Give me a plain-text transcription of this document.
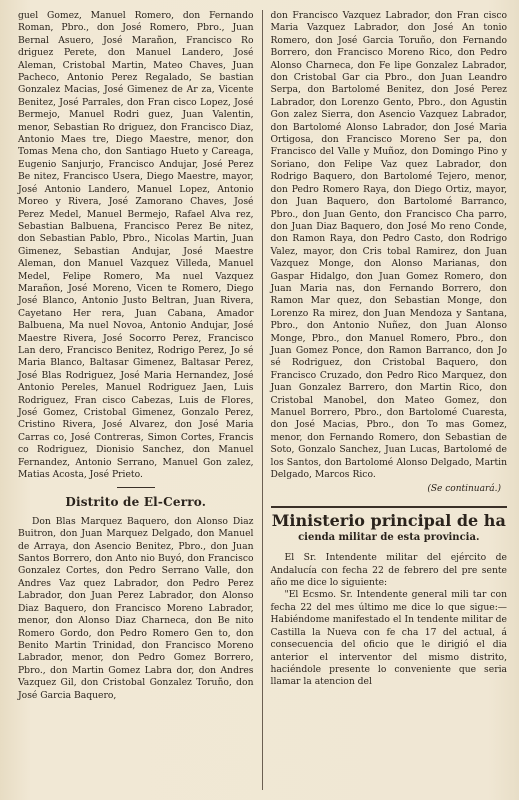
guel Gomez, Manuel Romero, don Fernando Roman, Pbro., don José Romero, Pbro., Juan Bernal Asuero, José Marañon, Francisco Ro driguez Perete, don Manuel Landero, José Aleman, Cristobal Martin, Mateo Chaves, Juan Pacheco, Antonio Perez Regalado, Se bastian Gonzalez Macias, José Gimenez de Ar za, Vicente Benitez, José Parrales, don Fran cisco Lopez, José Bermejo, Manuel Rodri guez, Juan Valentin, menor, Sebastian Ro driguez, don Francisco Diaz, Antonio Maes tre, Diego Maestre, menor, don Tomas Mena cho, don Santiago Hueto y Careaga, Eugenio Sanjurjo, Francisco Andujar, José Perez Be nitez, Francisco Usera, Diego Maestre, mayor, José Antonio Landero, Manuel Lopez, Antonio Moreo y Rivera, José Zamorano Chaves, José Perez Medel, Manuel Bermejo, Rafael Alva rez, Sebastian Balbuena, Francisco Perez Be nitez, don Sebastian Pablo, Pbro., Nicolas Martin, Juan Gimenez, Sebastian Andujar, José Maestre Aleman, don Manuel Vazquez Villeda, Manuel Medel, Felipe Romero, Ma nuel Vazquez Marañon, José Moreno, Vicen te Romero, Diego José Blanco, Antonio Justo Beltran, Juan Rivera, Cayetano Her rera, Juan Cabana, Amador Balbuena, Ma nuel Novoa, Antonio Andujar, José Maestre Rivera, José Socorro Perez, Francisco Lan dero, Francisco Benitez, Rodrigo Perez, Jo sé Maria Blanco, Baltasar Gimenez, Baltasar Perez, José Blas Rodriguez, José Maria Hernandez, José Antonio Pereles, Manuel Rodriguez Jaen, Luis Rodriguez, Fran cisco Cabezas, Luis de Flores, José Gomez, Cristobal Gimenez, Gonzalo Perez, Cristino Rivera, José Alvarez, don José Maria Carras co, José Contreras, Simon Cortes, Francis co Rodriguez, Dionisio Sanchez, don Manuel Fernandez, Antonio Serrano, Manuel Gon zalez, Matias Acosta, José Prieto.

Distrito de El-Cerro.

Don Blas Marquez Baquero, don Alonso Diaz Buitron, don Juan Marquez Delgado, don Manuel de Arraya, don Asencio Benitez, Pbro., don Juan Santos Borrero, don Anto nio Buyó, don Francisco Gonzalez Cortes, don Pedro Serrano Valle, don Andres Vaz quez Labrador, don Pedro Perez Labrador, don Juan Perez Labrador, don Alonso Diaz Baquero, don Francisco Moreno Labrador, menor, don Alonso Diaz Charneca, don Be nito Romero Gordo, don Pedro Romero Gen to, don Benito Martin Trinidad, don Francisco Moreno Labrador, menor, don Pedro Gomez Borrero, Pbro., don Martin Gomez Labra dor, don Andres Vazquez Gil, don Cristobal Gonzalez Toruño, don José Garcia Baquero,

don Francisco Vazquez Labrador, don Fran cisco Maria Vazquez Labrador, don José An tonio Romero, don José Garcia Toruño, don Fernando Borrero, don Francisco Moreno Rico, don Pedro Alonso Charneca, don Fe lipe Gonzalez Labrador, don Cristobal Gar cia Pbro., don Juan Leandro Serpa, don Bartolomé Benitez, don José Perez Labrador, don Lorenzo Gento, Pbro., don Agustin Gon zalez Sierra, don Asencio Vazquez Labrador, don Bartolomé Alonso Labrador, don José Maria Ortigosa, don Francisco Moreno Ser pa, don Francisco del Valle y Muñoz, don Domingo Pino y Soriano, don Felipe Vaz quez Labrador, don Rodrigo Baquero, don Bartolomé Tejero, menor, don Pedro Romero Raya, don Diego Ortiz, mayor, don Juan Baquero, don Bartolomé Barranco, Pbro., don Juan Gento, don Francisco Cha parro, don Juan Diaz Baquero, don José Mo reno Conde, don Ramon Raya, don Pedro Casto, don Rodrigo Valez, mayor, don Cris tobal Ramirez, don Juan Vazquez Monge, don Alonso Marianas, don Gaspar Hidalgo, don Juan Gomez Romero, don Juan Maria nas, don Fernando Borrero, don Ramon Mar quez, don Sebastian Monge, don Lorenzo Ra mirez, don Juan Mendoza y Santana, Pbro., don Antonio Nuñez, don Juan Alonso Monge, Pbro., don Manuel Romero, Pbro., don Juan Gomez Ponce, don Ramon Barranco, don Jo sé Rodriguez, don Cristobal Baquero, don Francisco Cruzado, don Pedro Rico Marquez, don Juan Gonzalez Barrero, don Martin Rico, don Cristobal Manobel, don Mateo Gomez, don Manuel Borrero, Pbro., don Bartolomé Cuaresta, don José Macias, Pbro., don To mas Gomez, menor, don Fernando Romero, don Sebastian de Soto, Gonzalo Sanchez, Juan Lucas, Bartolomé de los Santos, don Bartolomé Alonso Delgado, Martin Delgado, Marcos Rico.

(Se continuará.)
Ministerio principal de ha
cienda militar de esta provincia.

El Sr. Intendente militar del ejército de Andalucía con fecha 22 de febrero del pre sente año me dice lo siguiente:

"El Ecsmo. Sr. Intendente general mili tar con fecha 22 del mes último me dice lo que sigue:—Habiéndome manifestado el In tendente militar de Castilla la Nueva con fe cha 17 del actual, á consecuencia del oficio que le dirigió el dia anterior el interventor del mismo distrito, haciéndole presente lo conveniente que seria llamar la atencion del
